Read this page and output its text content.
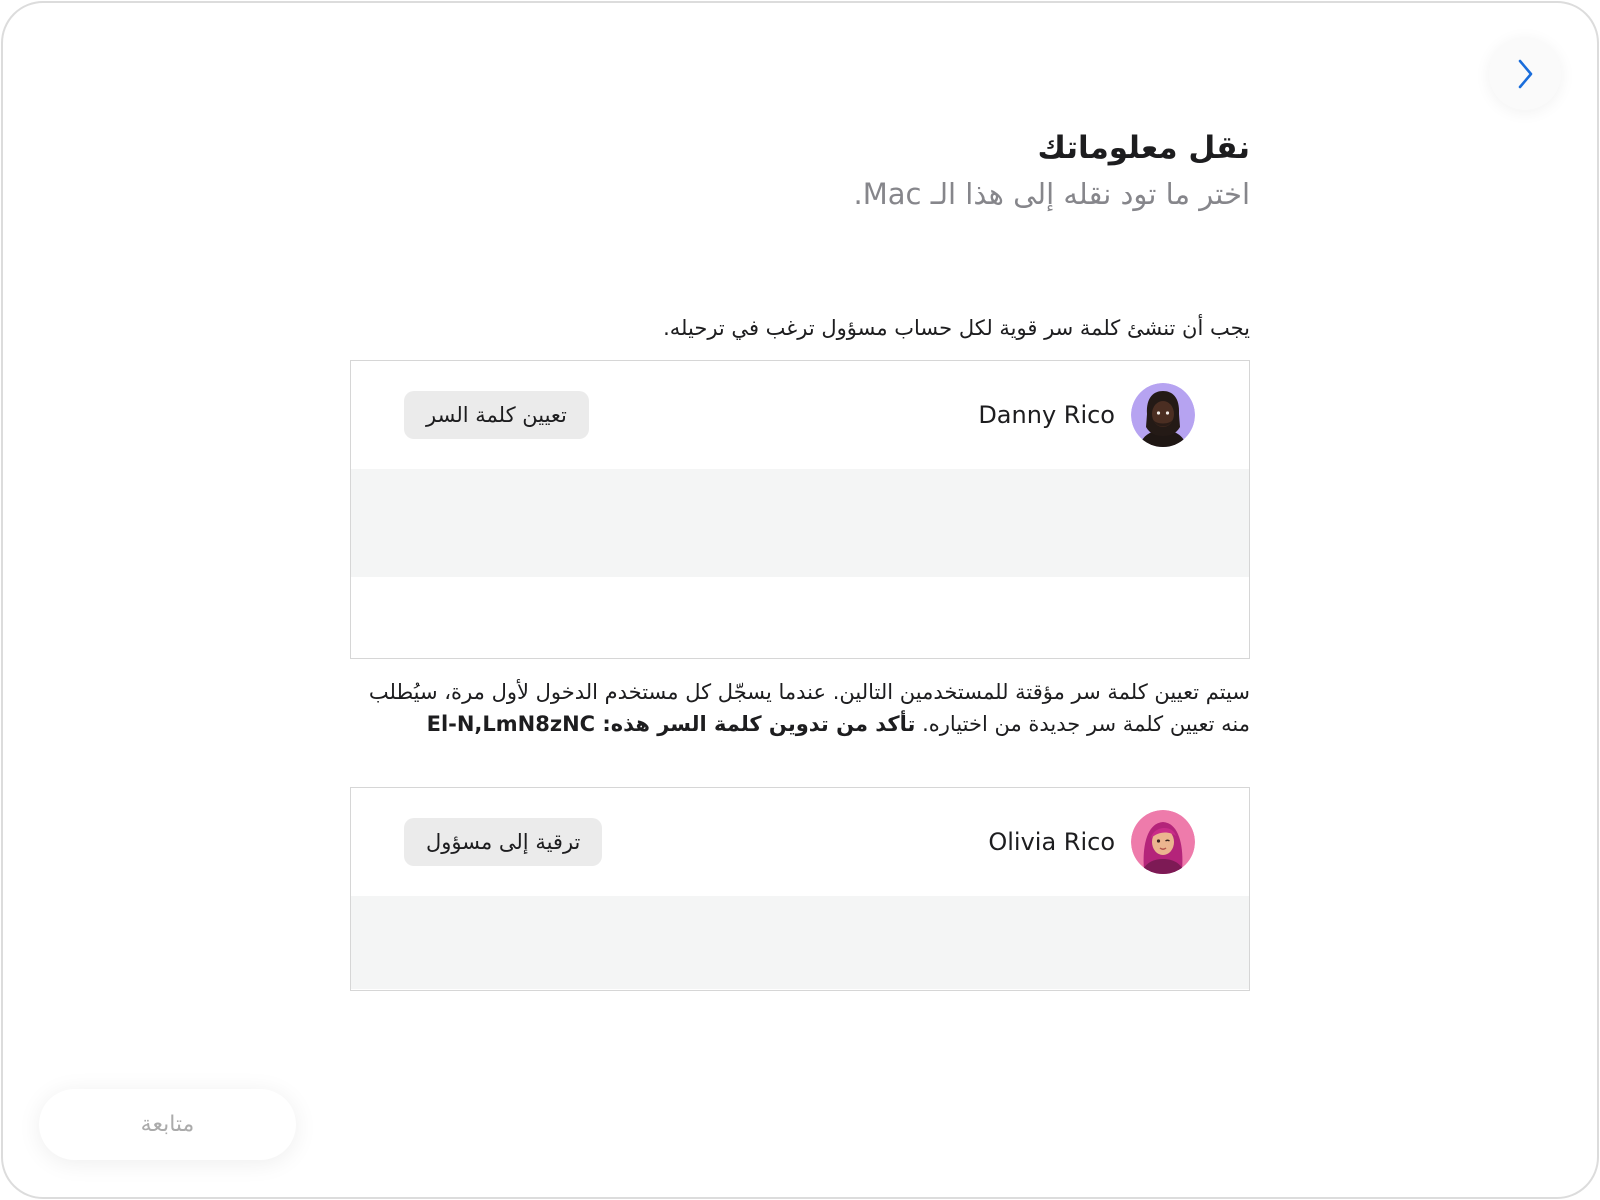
نقل معلوماتك

اختر ما تود نقله إلى هذا الـ Mac.

يجب أن تنشئ كلمة سر قوية لكل حساب مسؤول ترغب في ترحيله.

Danny Rico
تعيين كلمة السر

سيتم تعيين كلمة سر مؤقتة للمستخدمين التالين. عندما يسجّل كل مستخدم الدخول لأول مرة، سيُطلب منه تعيين كلمة سر جديدة من اختياره. تأكد من تدوين كلمة السر هذه: El-N,LmN8zNC

Olivia Rico
ترقية إلى مسؤول
متابعة
